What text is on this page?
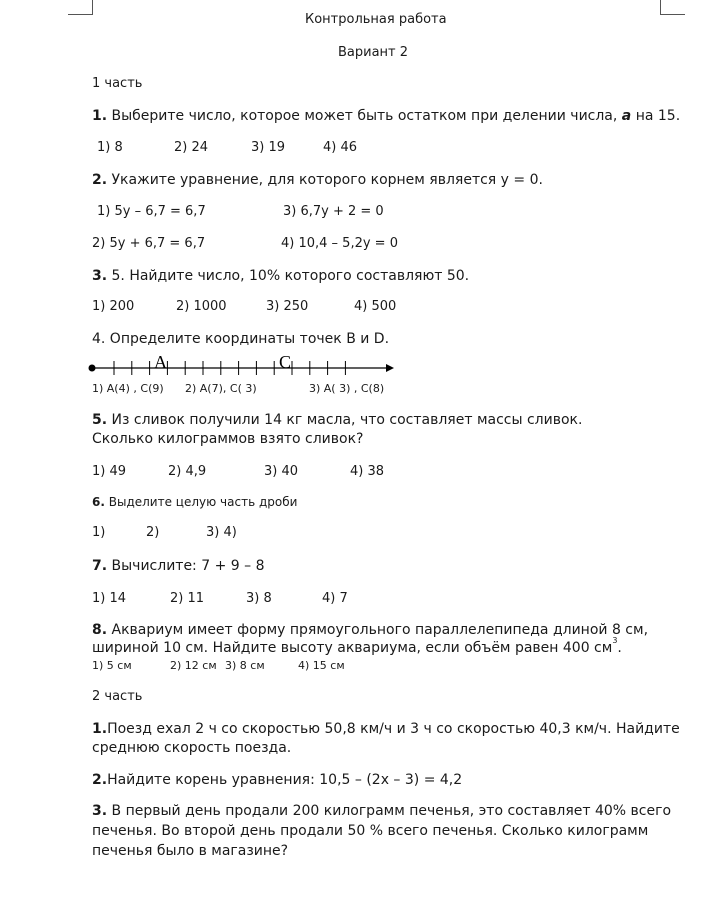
Контрольная работа
Вариант 2
1 часть
1. Выберите число, которое может быть остатком при делении числа, a на 15.
1) 8	2) 24	3) 19	4) 46
2. Укажите уравнение, для которого корнем является y = 0.
1) 5y – 6,7 = 6,7	3) 6,7y + 2 = 0
2) 5y + 6,7 = 6,7	4) 10,4 – 5,2y = 0
3. 5. Найдите число, 10% которого составляют 50.
1) 200	2) 1000	3) 250	4) 500
4. Определите координаты точек B и D.
A	C
1) A(4) , C(9) 2) A(7), C( 3)	3) A( 3) , C(8)
5. Из сливок получили 14 кг масла, что составляет массы сливок.
Сколько килограммов взято сливок?
1) 49	2) 4,9	3) 40	4) 38
6. Выделите целую часть дроби
1)	2)	3) 4)
7. Вычислите: 7 + 9 – 8
1) 14	2) 11	3) 8	4) 7
8. Аквариум имеет форму прямоугольного параллелепипеда длиной 8 см,
шириной 10 см. Найдите высоту аквариума, если объём равен 400 $см^3$.
1) 5 см	2) 12 см 3) 8 см	4) 15 см
2 часть
1.Поезд ехал 2 ч со скоростью 50,8 км/ч и 3 ч со скоростью 40,3 км/ч. Найдите
среднюю скорость поезда.
2.Найдите корень уравнения: 10,5 – (2x – 3) = 4,2
3. В первый день продали 200 килограмм печенья, это составляет 40% всего
печенья. Во второй день продали 50 % всего печенья. Сколько килограмм
печенья было в магазине?
